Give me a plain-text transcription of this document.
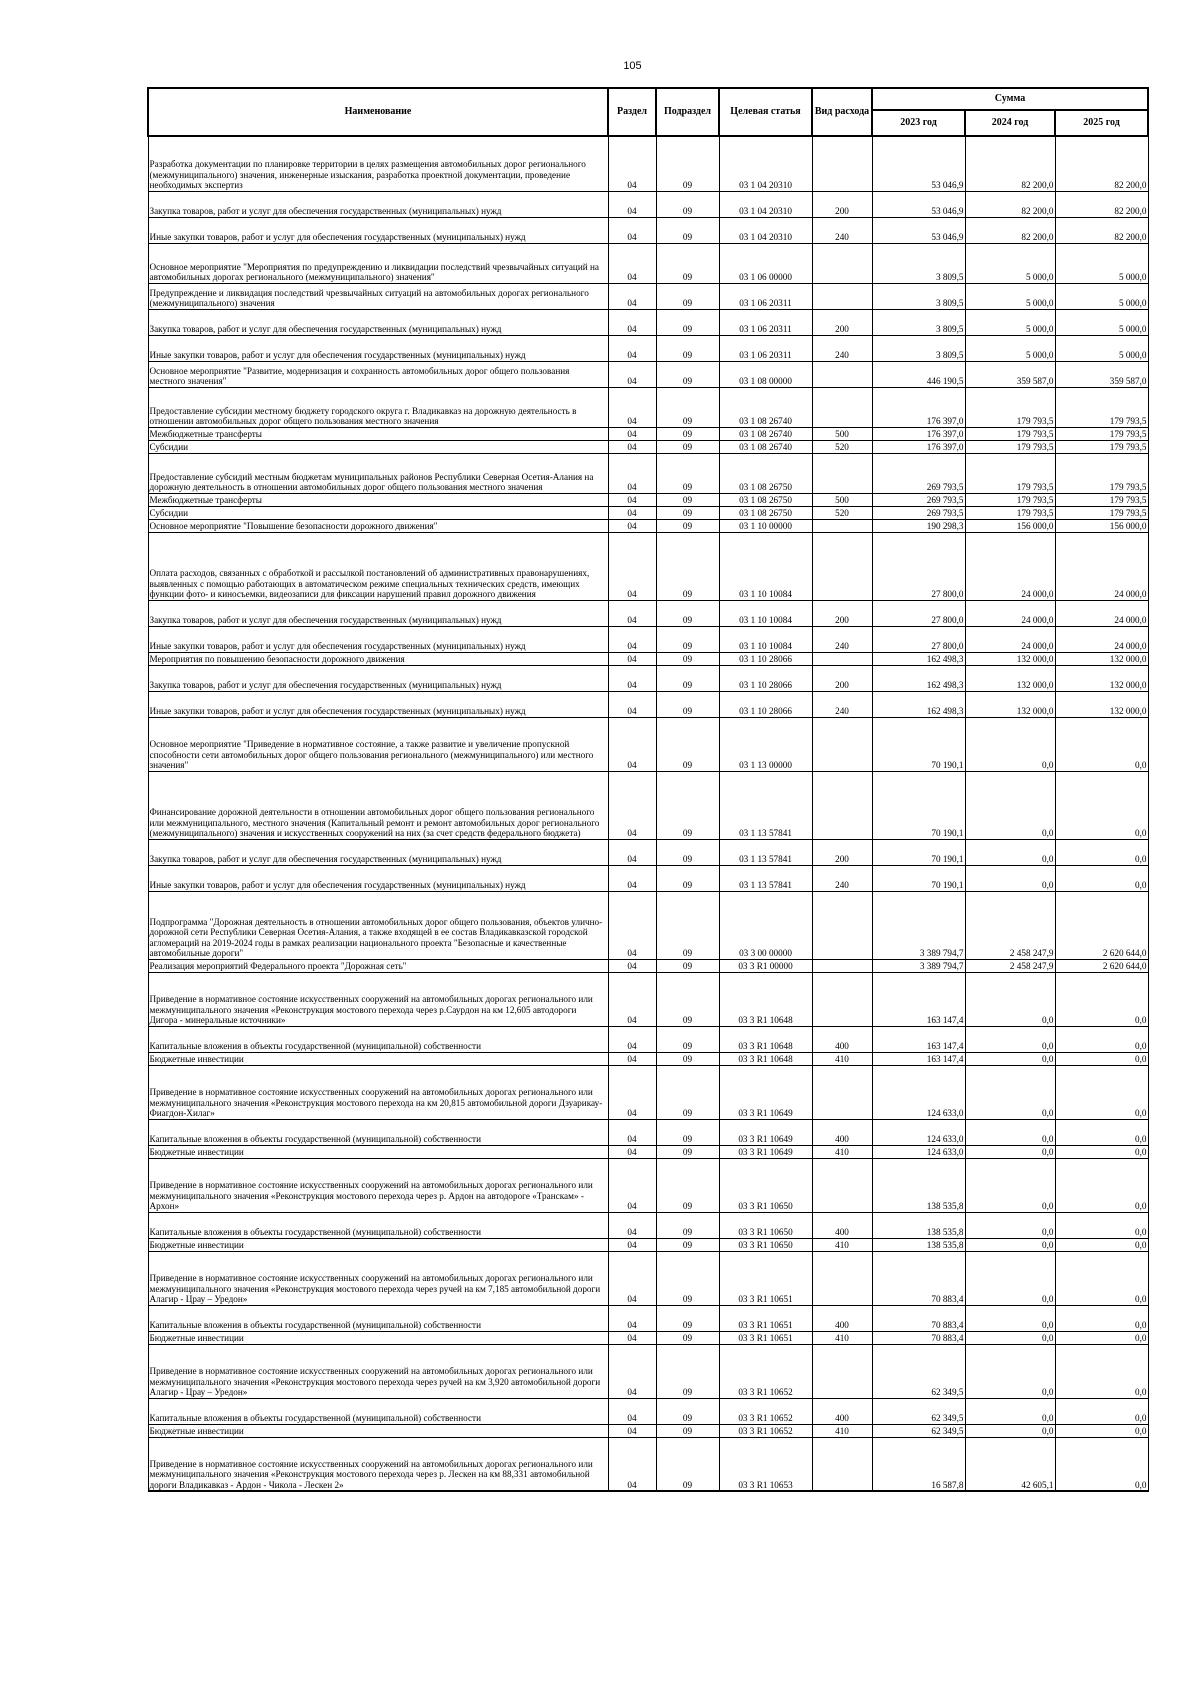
105
Наименование	Раздел	Подраздел	Целевая статья	Вид расхода	Сумма		
					2023 год	2024 год	2025 год
Разработка документации по планировке территории в целях размещения автомобильных дорог регионального (межмуниципального) значения, инженерные изыскания, разработка проектной документации, проведение необходимых экспертиз	04	09	03 1 04 20310		53 046,9	82 200,0	82 200,0
Закупка товаров, работ и услуг для обеспечения государственных (муниципальных) нужд	04	09	03 1 04 20310	200	53 046,9	82 200,0	82 200,0
Иные закупки товаров, работ и услуг для обеспечения государственных (муниципальных) нужд	04	09	03 1 04 20310	240	53 046,9	82 200,0	82 200,0
Основное мероприятие "Мероприятия по предупреждению и ликвидации последствий чрезвычайных ситуаций на автомобильных дорогах регионального (межмуниципального) значения"	04	09	03 1 06 00000		3 809,5	5 000,0	5 000,0
Предупреждение и ликвидация последствий чрезвычайных ситуаций на автомобильных дорогах регионального (межмуниципального) значения	04	09	03 1 06 20311		3 809,5	5 000,0	5 000,0
Закупка товаров, работ и услуг для обеспечения государственных (муниципальных) нужд	04	09	03 1 06 20311	200	3 809,5	5 000,0	5 000,0
Иные закупки товаров, работ и услуг для обеспечения государственных (муниципальных) нужд	04	09	03 1 06 20311	240	3 809,5	5 000,0	5 000,0
Основное мероприятие "Развитие, модернизация и сохранность автомобильных дорог общего пользования местного значения"	04	09	03 1 08 00000		446 190,5	359 587,0	359 587,0
Предоставление субсидии местному бюджету городского округа г. Владикавказ на дорожную деятельность в отношении автомобильных дорог общего пользования местного значения	04	09	03 1 08 26740		176 397,0	179 793,5	179 793,5
Межбюджетные трансферты	04	09	03 1 08 26740	500	176 397,0	179 793,5	179 793,5
Субсидии	04	09	03 1 08 26740	520	176 397,0	179 793,5	179 793,5
Предоставление субсидий местным бюджетам муниципальных районов Республики Северная Осетия-Алания на дорожную деятельность в отношении автомобильных дорог общего пользования местного значения	04	09	03 1 08 26750		269 793,5	179 793,5	179 793,5
Межбюджетные трансферты	04	09	03 1 08 26750	500	269 793,5	179 793,5	179 793,5
Субсидии	04	09	03 1 08 26750	520	269 793,5	179 793,5	179 793,5
Основное мероприятие "Повышение безопасности дорожного движения"	04	09	03 1 10 00000		190 298,3	156 000,0	156 000,0
Оплата расходов, связанных с обработкой и рассылкой постановлений об административных правонарушениях, выявленных с помощью работающих в автоматическом режиме специальных технических средств, имеющих функции фото- и киносъемки, видеозаписи для фиксации нарушений правил дорожного движения	04	09	03 1 10 10084		27 800,0	24 000,0	24 000,0
Закупка товаров, работ и услуг для обеспечения государственных (муниципальных) нужд	04	09	03 1 10 10084	200	27 800,0	24 000,0	24 000,0
Иные закупки товаров, работ и услуг для обеспечения государственных (муниципальных) нужд	04	09	03 1 10 10084	240	27 800,0	24 000,0	24 000,0
Мероприятия по повышению безопасности дорожного движения	04	09	03 1 10 28066		162 498,3	132 000,0	132 000,0
Закупка товаров, работ и услуг для обеспечения государственных (муниципальных) нужд	04	09	03 1 10 28066	200	162 498,3	132 000,0	132 000,0
Иные закупки товаров, работ и услуг для обеспечения государственных (муниципальных) нужд	04	09	03 1 10 28066	240	162 498,3	132 000,0	132 000,0
Основное мероприятие "Приведение в нормативное состояние, а также развитие и увеличение пропускной способности сети автомобильных дорог общего пользования регионального (межмуниципального) или местного значения"	04	09	03 1 13 00000		70 190,1	0,0	0,0
Финансирование дорожной деятельности в отношении автомобильных дорог общего пользования регионального или межмуниципального, местного значения (Капитальный ремонт и ремонт автомобильных дорог регионального (межмуниципального) значения и искусственных сооружений на них (за счет средств федерального бюджета)	04	09	03 1 13 57841		70 190,1	0,0	0,0
Закупка товаров, работ и услуг для обеспечения государственных (муниципальных) нужд	04	09	03 1 13 57841	200	70 190,1	0,0	0,0
Иные закупки товаров, работ и услуг для обеспечения государственных (муниципальных) нужд	04	09	03 1 13 57841	240	70 190,1	0,0	0,0
Подпрограмма "Дорожная деятельность в отношении автомобильных дорог общего пользования, объектов улично-дорожной сети Республики Северная Осетия-Алания, а также входящей в ее состав Владикавказской городской агломераций на 2019-2024 годы в рамках реализации национального проекта "Безопасные и качественные автомобильные дороги"	04	09	03 3 00 00000		3 389 794,7	2 458 247,9	2 620 644,0
Реализация мероприятий Федерального проекта "Дорожная сеть"	04	09	03 3 R1 00000		3 389 794,7	2 458 247,9	2 620 644,0
Приведение в нормативное состояние искусственных сооружений на автомобильных дорогах регионального или межмуниципального значения «Реконструкция мостового перехода через р.Саурдон на км 12,605 автодороги Дигора - минеральные источники»	04	09	03 3 R1 10648		163 147,4	0,0	0,0
Капитальные вложения в объекты государственной (муниципальной) собственности	04	09	03 3 R1 10648	400	163 147,4	0,0	0,0
Бюджетные инвестиции	04	09	03 3 R1 10648	410	163 147,4	0,0	0,0
Приведение в нормативное состояние искусственных сооружений на автомобильных дорогах регионального или межмуниципального значения «Реконструкция мостового перехода на км 20,815 автомобильной дороги Дзуарикау-Фиагдон-Хилаг»	04	09	03 3 R1 10649		124 633,0	0,0	0,0
Капитальные вложения в объекты государственной (муниципальной) собственности	04	09	03 3 R1 10649	400	124 633,0	0,0	0,0
Бюджетные инвестиции	04	09	03 3 R1 10649	410	124 633,0	0,0	0,0
Приведение в нормативное состояние искусственных сооружений на автомобильных дорогах регионального или межмуниципального значения «Реконструкция мостового перехода через р. Ардон на автодороге «Транскам» - Архон»	04	09	03 3 R1 10650		138 535,8	0,0	0,0
Капитальные вложения в объекты государственной (муниципальной) собственности	04	09	03 3 R1 10650	400	138 535,8	0,0	0,0
Бюджетные инвестиции	04	09	03 3 R1 10650	410	138 535,8	0,0	0,0
Приведение в нормативное состояние искусственных сооружений на автомобильных дорогах регионального или межмуниципального значения «Реконструкция мостового перехода через ручей на км 7,185 автомобильной дороги Алагир - Црау – Уредон»	04	09	03 3 R1 10651		70 883,4	0,0	0,0
Капитальные вложения в объекты государственной (муниципальной) собственности	04	09	03 3 R1 10651	400	70 883,4	0,0	0,0
Бюджетные инвестиции	04	09	03 3 R1 10651	410	70 883,4	0,0	0,0
Приведение в нормативное состояние искусственных сооружений на автомобильных дорогах регионального или межмуниципального значения «Реконструкция мостового перехода через ручей на км 3,920 автомобильной дороги Алагир - Црау – Уредон»	04	09	03 3 R1 10652		62 349,5	0,0	0,0
Капитальные вложения в объекты государственной (муниципальной) собственности	04	09	03 3 R1 10652	400	62 349,5	0,0	0,0
Бюджетные инвестиции	04	09	03 3 R1 10652	410	62 349,5	0,0	0,0
Приведение в нормативное состояние искусственных сооружений на автомобильных дорогах регионального или межмуниципального значения «Реконструкция мостового перехода через р. Лескен на км 88,331 автомобильной дороги Владикавказ - Ардон - Чикола - Лескен 2»	04	09	03 3 R1 10653		16 587,8	42 605,1	0,0
